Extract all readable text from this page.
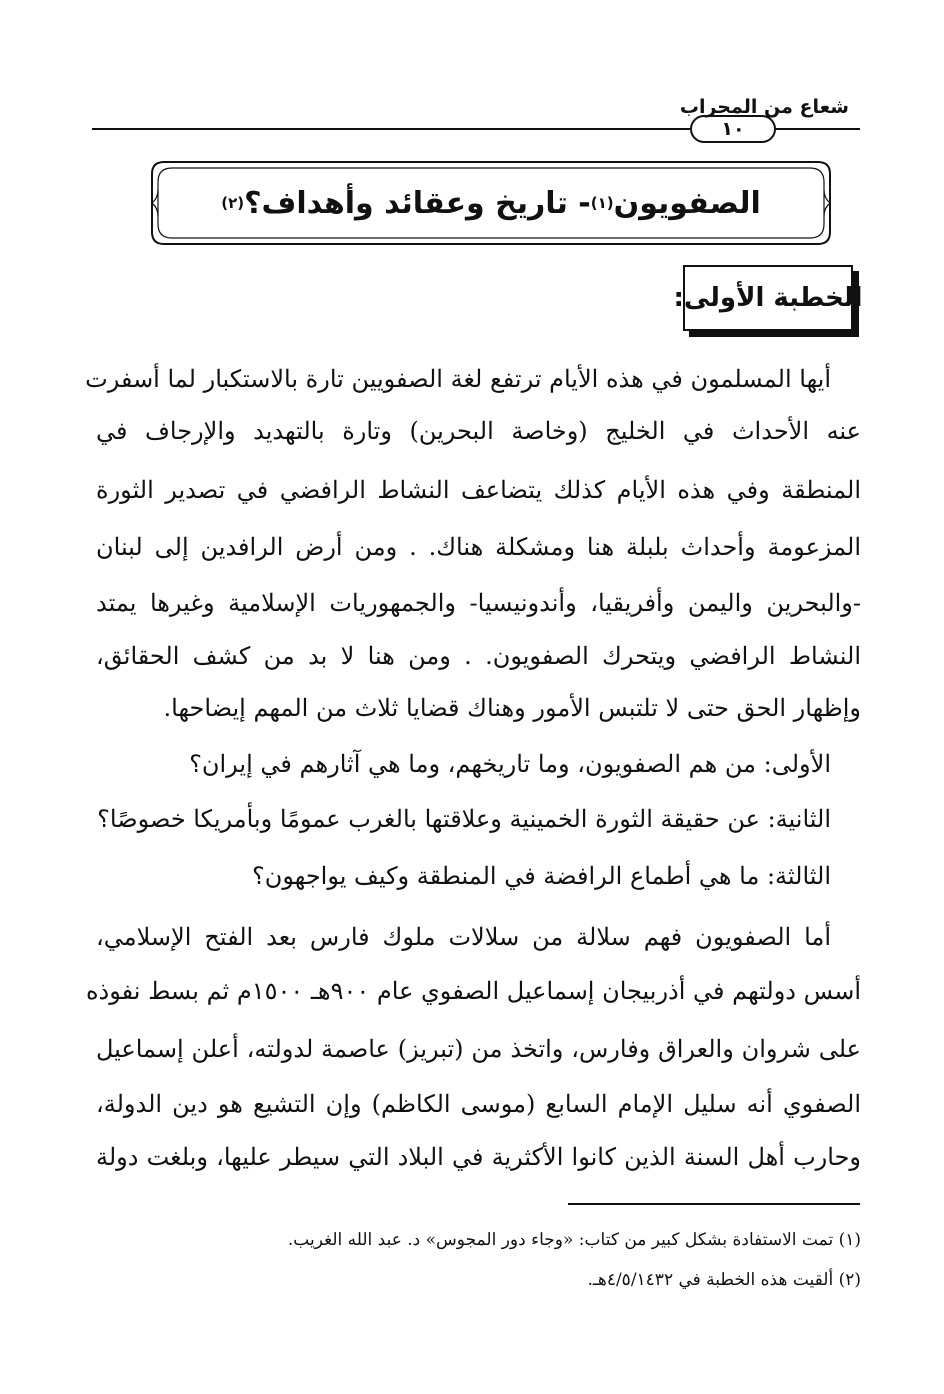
شعاع من المحراب
١٠
الصفويون
(١)
- تاريخ وعقائد وأهداف؟
(٢)
الخطبة الأولى:
أيها المسلمون في هذه الأيام ترتفع لغة الصفويين تارة بالاستكبار لما أسفرت
عنه الأحداث في الخليج (وخاصة البحرين) وتارة بالتهديد والإرجاف في
المنطقة وفي هذه الأيام كذلك يتضاعف النشاط الرافضي في تصدير الثورة
المزعومة وأحداث بلبلة هنا ومشكلة هناك. . ومن أرض الرافدين إلى لبنان
-والبحرين واليمن وأفريقيا، وأندونيسيا- والجمهوريات الإسلامية وغيرها يمتد
النشاط الرافضي ويتحرك الصفويون. . ومن هنا لا بد من كشف الحقائق،
وإظهار الحق حتى لا تلتبس الأمور وهناك قضايا ثلاث من المهم إيضاحها.
الأولى: من هم الصفويون، وما تاريخهم، وما هي آثارهم في إيران؟
الثانية: عن حقيقة الثورة الخمينية وعلاقتها بالغرب عمومًا وبأمريكا خصوصًا؟
الثالثة: ما هي أطماع الرافضة في المنطقة وكيف يواجهون؟
أما الصفويون فهم سلالة من سلالات ملوك فارس بعد الفتح الإسلامي،
أسس دولتهم في أذربيجان إسماعيل الصفوي عام ٩٠٠هـ ١٥٠٠م ثم بسط نفوذه
على شروان والعراق وفارس، واتخذ من (تبريز) عاصمة لدولته، أعلن إسماعيل
الصفوي أنه سليل الإمام السابع (موسى الكاظم) وإن التشيع هو دين الدولة،
وحارب أهل السنة الذين كانوا الأكثرية في البلاد التي سيطر عليها، وبلغت دولة
(١) تمت الاستفادة بشكل كبير من كتاب: «وجاء دور المجوس» د. عبد الله الغريب.
(٢) ألقيت هذه الخطبة في ٤/٥/١٤٣٢هـ.
